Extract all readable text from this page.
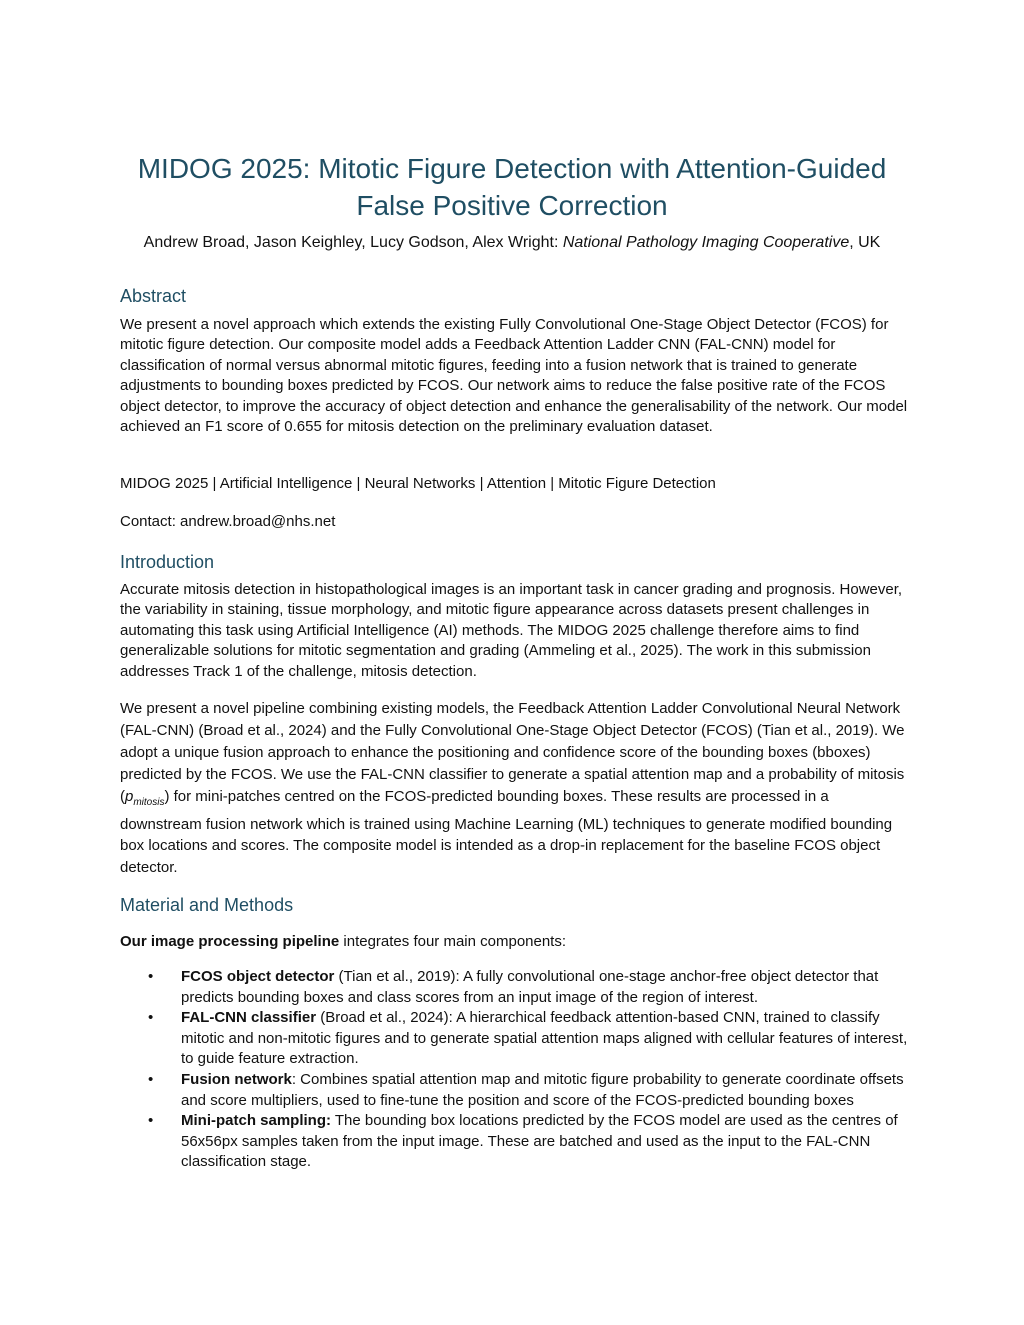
MIDOG 2025: Mitotic Figure Detection with Attention-Guided
False Positive Correction

Andrew Broad, Jason Keighley, Lucy Godson, Alex Wright: National Pathology Imaging Cooperative, UK

Abstract

We present a novel approach which extends the existing Fully Convolutional One-Stage Object Detector (FCOS) for mitotic figure detection. Our composite model adds a Feedback Attention Ladder CNN (FAL-CNN) model for classification of normal versus abnormal mitotic figures, feeding into a fusion network that is trained to generate adjustments to bounding boxes predicted by FCOS. Our network aims to reduce the false positive rate of the FCOS object detector, to improve the accuracy of object detection and enhance the generalisability of the network. Our model achieved an F1 score of 0.655 for mitosis detection on the preliminary evaluation dataset.

MIDOG 2025 | Artificial Intelligence | Neural Networks | Attention | Mitotic Figure Detection

Contact: andrew.broad@nhs.net

Introduction

Accurate mitosis detection in histopathological images is an important task in cancer grading and prognosis. However, the variability in staining, tissue morphology, and mitotic figure appearance across datasets present challenges in automating this task using Artificial Intelligence (AI) methods. The MIDOG 2025 challenge therefore aims to find generalizable solutions for mitotic segmentation and grading (Ammeling et al., 2025). The work in this submission addresses Track 1 of the challenge, mitosis detection.

We present a novel pipeline combining existing models, the Feedback Attention Ladder Convolutional Neural Network (FAL-CNN) (Broad et al., 2024) and the Fully Convolutional One-Stage Object Detector (FCOS) (Tian et al., 2019). We adopt a unique fusion approach to enhance the positioning and confidence score of the bounding boxes (bboxes) predicted by the FCOS. We use the FAL-CNN classifier to generate a spatial attention map and a probability of mitosis $(p_{mitosis})$ for mini-patches centred on the FCOS-predicted bounding boxes. These results are processed in a downstream fusion network which is trained using Machine Learning (ML) techniques to generate modified bounding box locations and scores. The composite model is intended as a drop-in replacement for the baseline FCOS object detector.

Material and Methods

Our image processing pipeline integrates four main components:

• FCOS object detector (Tian et al., 2019): A fully convolutional one-stage anchor-free object detector that predicts bounding boxes and class scores from an input image of the region of interest.
• FAL-CNN classifier (Broad et al., 2024): A hierarchical feedback attention-based CNN, trained to classify mitotic and non-mitotic figures and to generate spatial attention maps aligned with cellular features of interest, to guide feature extraction.
• Fusion network: Combines spatial attention map and mitotic figure probability to generate coordinate offsets and score multipliers, used to fine-tune the position and score of the FCOS-predicted bounding boxes
• Mini-patch sampling: The bounding box locations predicted by the FCOS model are used as the centres of 56x56px samples taken from the input image. These are batched and used as the input to the FAL-CNN classification stage.
